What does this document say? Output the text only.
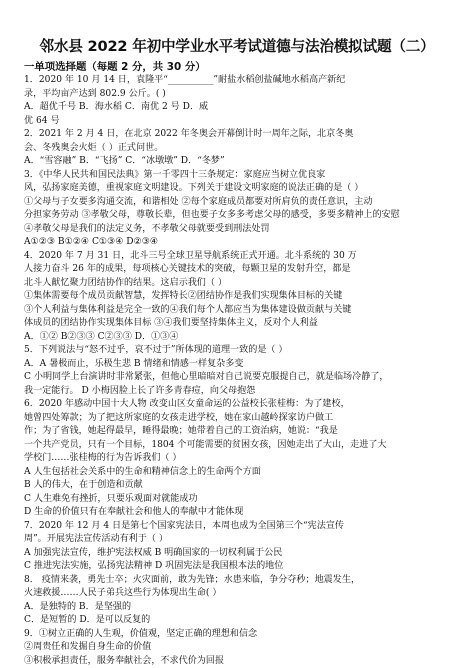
邻水县 2022 年初中学业水平考试道德与法治模拟试题（二）

一单项选择题（每题 2 分，共 30 分）

1．2020 年 10 月 14 日，袁隆平“__________”耐盐水稻创盐碱地水稻高产新纪

录，平均亩产达到 802.9 公斤。( )

A．超优千号 B．海水稻 C．南优 2 号 D．威

优 64 号

2．2021 年 2 月 4 日，在北京 2022 年冬奥会开幕倒计时一周年之际，北京冬奥

会、冬残奥会火炬（ ）正式问世。

A．“雪容融” B．“飞扬” C．“冰墩墩” D．“冬梦”

3．《中华人民共和国民法典》第一千零四十三条规定：家庭应当树立优良家

风，弘扬家庭美德，重视家庭文明建设。下列关于建设文明家庭的说法正确的是（ ）

①父母与子女要多沟通交流，和谐相处 ②每个家庭成员都要对所肩负的责任意识，主动

分担家务劳动 ③孝敬父母，尊敬长辈，但也要子女多多考虑父母的感受，多要多精神上的安慰

④孝敬父母是我们的法定义务，不孝敬父母就要受到刑法处罚

A①②③ B①②④ C①③④ D②③④

4．2020 年 7 月 31 日，北斗三号全球卫星导航系统正式开通。北斗系统的 30 万

人接力奋斗 26 年的成果，每项核心关键技术的突破，每颗卫星的发射升空，都是

北斗人献忆聚力团结协作的结果。这启示我们（ ）

①集体需要每个成员贡献智慧，发挥特长②团结协作是我们实现集体目标的关键

③个人利益与集体利益是完全一致的④我们每个人都应当为集体建设做贡献与关键

体成员的团结协作实现集体目标 ③④我们要坚持集体主义，反对个人利益

A．①② B②③③ C②③③ D．①③④

5．下列说法与“怒不过乎，哀不过于”所体现的道理一致的是（ ）

A．A 暑极而止，乐极生悲 B 情绪和情感一样复杂多变

C 小明同学上台演讲时非常紧张，但他心里暗暗对自己说要克服提自己，就是临场冷静了，

我一定能行。 D 小梅因脸上长了许多青春痘，向父母抱怨

6．2020 年感动中国十大人物 改变山区女童命运的公益校长张桂梅：为了建校，

她曾四处筹款；为了把这所家庭的女孩走进学校，她在家山越岭探家访户做工

作；为了省钱，她起得最早，睡得最晚；她带着自己的工资治病，她说：“我是

一个共产党员，只有一个目标，1804 个可能需要的贫困女孩，因她走出了大山，走进了大

学校门……张桂梅的行为告诉我们（ ）

A 人生包括社会关系中的生命和精神信念上的生命两个方面

B 人的伟大，在于创造和贡献

C 人生难免有挫折，只要乐观面对就能成功

D 生命的价值只有在奉献社会和他人的奉献中才能体现

7．2020 年 12 月 4 日是第七个国家宪法日，本周也成为全国第三个“宪法宣传

周”。开展宪法宣传活动有利于（ ）

A 加强宪法宣传，维护宪法权威 B 明确国家的一切权利属于公民

C 推进宪法实施，弘扬宪法精神 D 巩固宪法是我国根本法的地位

8． 疫情来袭，勇先士卒；火灾面前，敢为先锋；水患来临，争分夺秒；地震发生，

火速救援……人民子弟兵这些行为体现出生命( ）

A．是独特的 B．是坚强的

C．是短暂的 D．是可以反复的

9．①树立正确的人生观，价值观，坚定正确的理想和信念

②周贵任和发掘自身生命的价值

③积极承担责任，服务奉献社会，不求代价为回报
